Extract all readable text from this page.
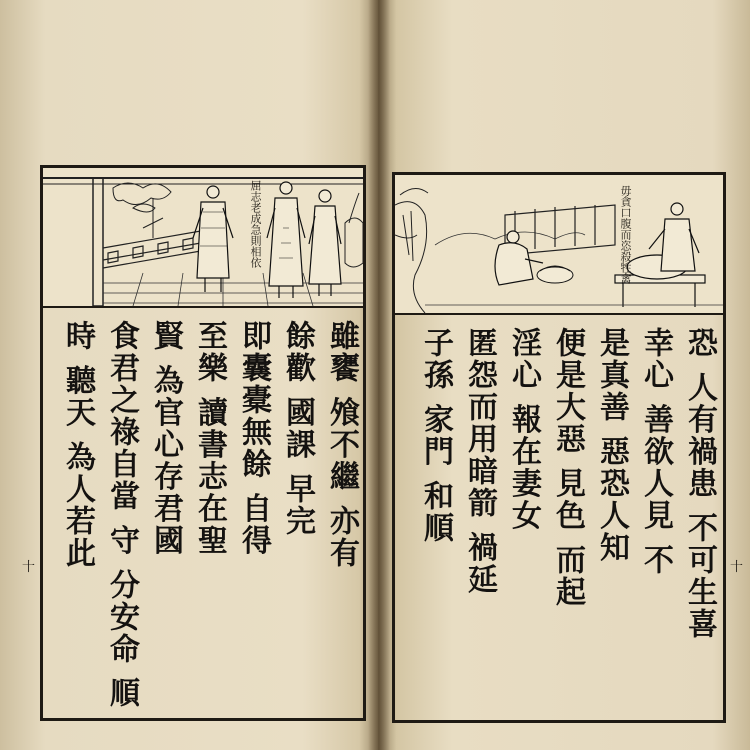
屈志老成急則相依
雖饔 飧不繼 亦有
餘歡 國課 早完
即囊橐無餘 自得
至樂 讀書志在聖
賢 為官心存君國
食君之祿自當 守 分安命 順
時 聽天 為人若此
十
毋貪口腹而恣殺牲禽
恐 人有禍患 不可生喜
幸心 善欲人見 不
是真善 惡恐人知
便是大惡 見色 而起
淫心 報在妻女
匿怨而用暗箭 禍延
子孫 家門 和順
十
